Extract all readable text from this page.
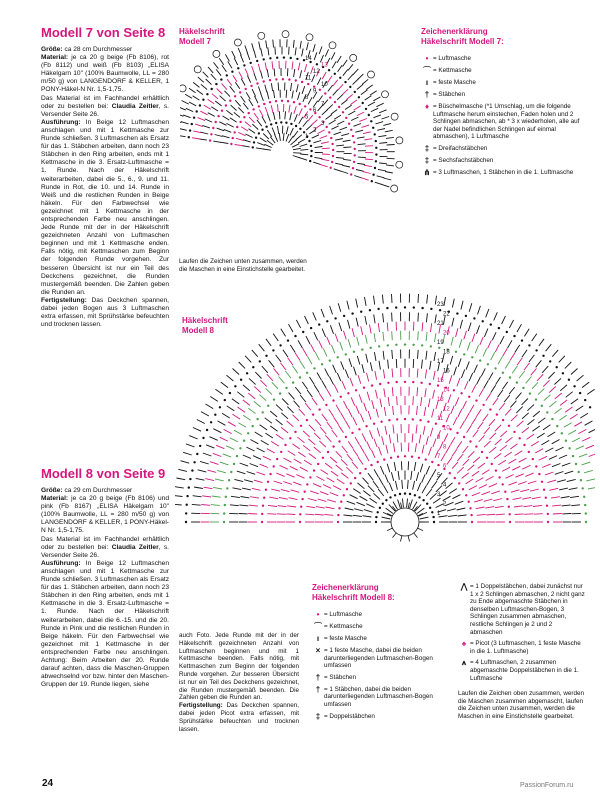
Modell 7 von Seite 8
Größe: ca 28 cm Durchmesser
Material: je ca 20 g beige (Fb 8106), rot (Fb 8112) und weiß (Fb 8103) „ELISA Häkelgarn 10" (100% Baumwolle, LL = 280 m/50 g) von LANGENDORF & KELLER, 1 PONY-Häkel-N Nr. 1,5-1,75.
Das Material ist im Fachhandel erhältlich oder zu bestellen bei: Claudia Zeitler, s. Versender Seite 26.
Ausführung: In Beige 12 Luftmaschen anschlagen und mit 1 Kettmasche zur Runde schließen. 3 Luftmaschen als Ersatz für das 1. Stäbchen arbeiten, dann noch 23 Stäbchen in den Ring arbeiten, ends mit 1 Kettmasche in die 3. Ersatz-Luftmasche = 1. Runde. Nach der Häkelschrift weiterarbeiten, dabei die 5., 6., 9. und 11. Runde in Rot, die 10. und 14. Runde in Weiß und die restlichen Runden in Beige häkeln. Für den Farbwechsel wie gezeichnet mit 1 Kettmasche in der entsprechenden Farbe neu anschlingen. Jede Runde mit der in der Häkelschrift gezeichneten Anzahl von Luftmaschen beginnen und mit 1 Kettmasche enden. Falls nötig, mit Kettmaschen zum Beginn der folgenden Runde vorgehen. Zur besseren Übersicht ist nur ein Teil des Deckchens gezeichnet, die Runden mustergemäß beenden. Die Zahlen geben die Runden an.
Fertigstellung: Das Deckchen spannen, dabei jeden Bogen aus 3 Luftmaschen extra erfassen, mit Sprühstärke befeuchten und trocknen lassen.

Modell 8 von Seite 9
Größe: ca 29 cm Durchmesser
Material: je ca 20 g beige (Fb 8106) und pink (Fb 8167) „ELISA Häkelgarn 10" (100% Baumwolle, LL = 280 m/50 g) von LANGENDORF & KELLER, 1 PONY-Häkel-N Nr. 1,5-1,75.
Das Material ist im Fachhandel erhältlich oder zu bestellen bei: Claudia Zeitler, s. Versender Seite 26.
Ausführung: In Beige 12 Luftmaschen anschlagen und mit 1 Kettmasche zur Runde schließen. 3 Luftmaschen als Ersatz für das 1. Stäbchen arbeiten, dann noch 23 Stäbchen in den Ring arbeiten, ends mit 1 Kettmasche in die 3. Ersatz-Luftmasche = 1. Runde. Nach der Häkelschrift weiterarbeiten, dabei die 6.-15. und die 20. Runde in Pink und die restlichen Runden in Beige häkeln. Für den Farbwechsel wie gezeichnet mit 1 Kettmasche in der entsprechenden Farbe neu anschlingen. Achtung: Beim Arbeiten der 20. Runde darauf achten, dass die Maschen-Gruppen abwechselnd vor bzw. hinter den Maschen-Gruppen der 19. Runde liegen, siehe

Häkelschrift
Modell 7
1
2
3
5
6
7
8
9
10
11
12
13
14
Laufen die Zeichen unten zusammen, werden die Maschen in eine Einstichstelle gearbeitet.
Zeichenerklärung
Häkelschrift Modell 7:
• = Luftmasche
⌒ = Kettmasche
ı = feste Masche
† = Stäbchen
♦ = Büschelmasche (*1 Umschlag, um die folgende Luftmasche herum einstechen, Faden holen und 2 Schlingen abmaschen, ab * 3 x wiederholen, alle auf der Nadel befindlichen Schlingen auf einmal abmaschen), 1 Luftmasche
‡ = Dreifachstäbchen
‡ = Sechsfachstäbchen
⋔ = 3 Luftmaschen, 1 Stäbchen in die 1. Luftmasche
Häkelschrift
Modell 8
1
2
3
4
5
6
7
8
9
10
11
12
13
14
15
16
17
18
19
20
21
22
23
auch Foto. Jede Runde mit der in der Häkelschrift gezeichneten Anzahl von Luftmaschen beginnen und mit 1 Kettmasche beenden. Falls nötig, mit Kettmaschen zum Beginn der folgenden Runde vorgehen. Zur besseren Übersicht ist nur ein Teil des Deckchens gezeichnet, die Runden mustergemäß beenden. Die Zahlen geben die Runden an.
Fertigstellung: Das Deckchen spannen, dabei jeden Picot extra erfassen, mit Sprühstärke befeuchten und trocknen lassen.

Zeichenerklärung
Häkelschrift Modell 8:
• = Luftmasche
⌒ = Kettmasche
ı = feste Masche
× = 1 feste Masche, dabei die beiden darunterliegenden Luftmaschen-Bogen umfassen
† = Stäbchen
† = 1 Stäbchen, dabei die beiden darunterliegenden Luftmaschen-Bogen umfassen
‡ = Doppelstäbchen
⋀ = 1 Doppelstäbchen, dabei zunächst nur 1 x 2 Schlingen abmaschen, 2 nicht ganz zu Ende abgemaschte Stäbchen in denselben Luftmaschen-Bogen, 3 Schlingen zusammen abmaschen, restliche Schlingen je 2 und 2 abmaschen
♠ = Picot (3 Luftmaschen, 1 feste Masche in die 1. Luftmasche)
⩚ = 4 Luftmaschen, 2 zusammen abgemaschte Doppelstäbchen in die 1. Luftmasche
Laufen die Zeichen oben zusammen, werden die Maschen zusammen abgemascht, laufen die Zeichen unten zusammen, werden die Maschen in eine Einstichstelle gearbeitet.
24	PassionForum.ru
